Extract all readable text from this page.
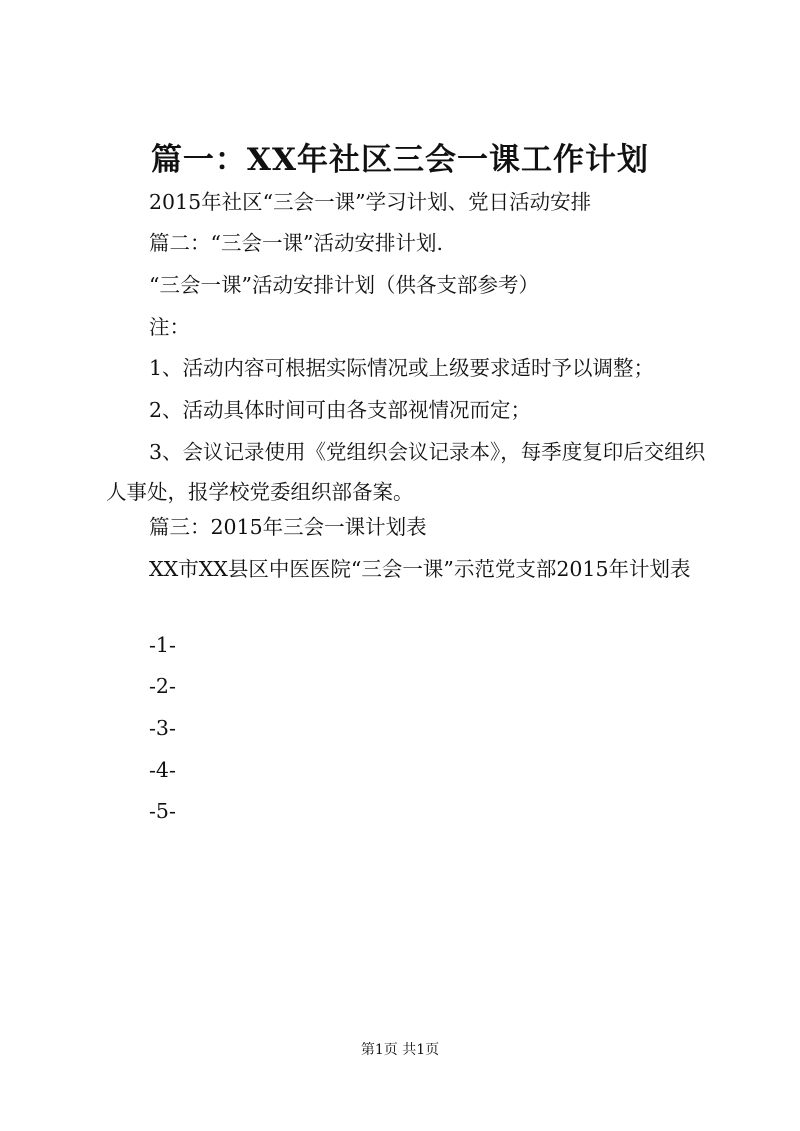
篇一：XX年社区三会一课工作计划

2015年社区“三会一课”学习计划、党日活动安排

篇二：“三会一课”活动安排计划.

“三会一课”活动安排计划（供各支部参考）

注：

1、活动内容可根据实际情况或上级要求适时予以调整；

2、活动具体时间可由各支部视情况而定；

3、会议记录使用《党组织会议记录本》，每季度复印后交组织人事处，报学校党委组织部备案。

篇三：2015年三会一课计划表

XX市XX县区中医医院“三会一课”示范党支部2015年计划表

-1-

-2-

-3-

-4-

-5-

第1页 共1页
